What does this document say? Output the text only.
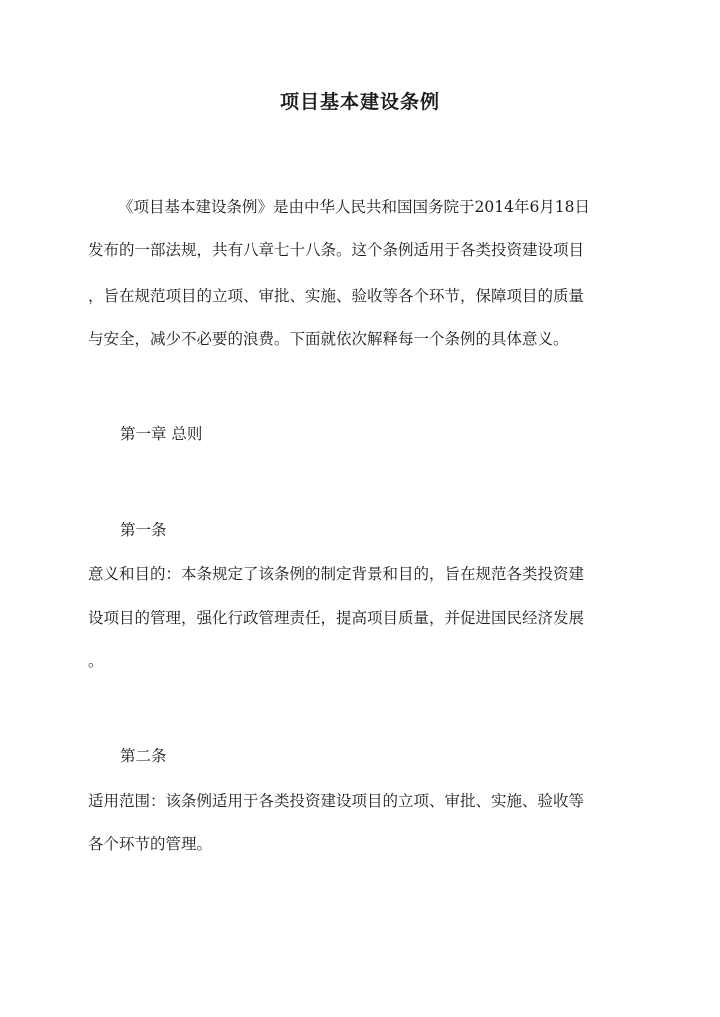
项目基本建设条例
《项目基本建设条例》是由中华人民共和国国务院于2014年6月18日
发布的一部法规，共有八章七十八条。这个条例适用于各类投资建设项目
，旨在规范项目的立项、审批、实施、验收等各个环节，保障项目的质量
与安全，减少不必要的浪费。下面就依次解释每一个条例的具体意义。
第一章 总则
第一条
意义和目的：本条规定了该条例的制定背景和目的，旨在规范各类投资建
设项目的管理，强化行政管理责任，提高项目质量，并促进国民经济发展
。
第二条
适用范围：该条例适用于各类投资建设项目的立项、审批、实施、验收等
各个环节的管理。
